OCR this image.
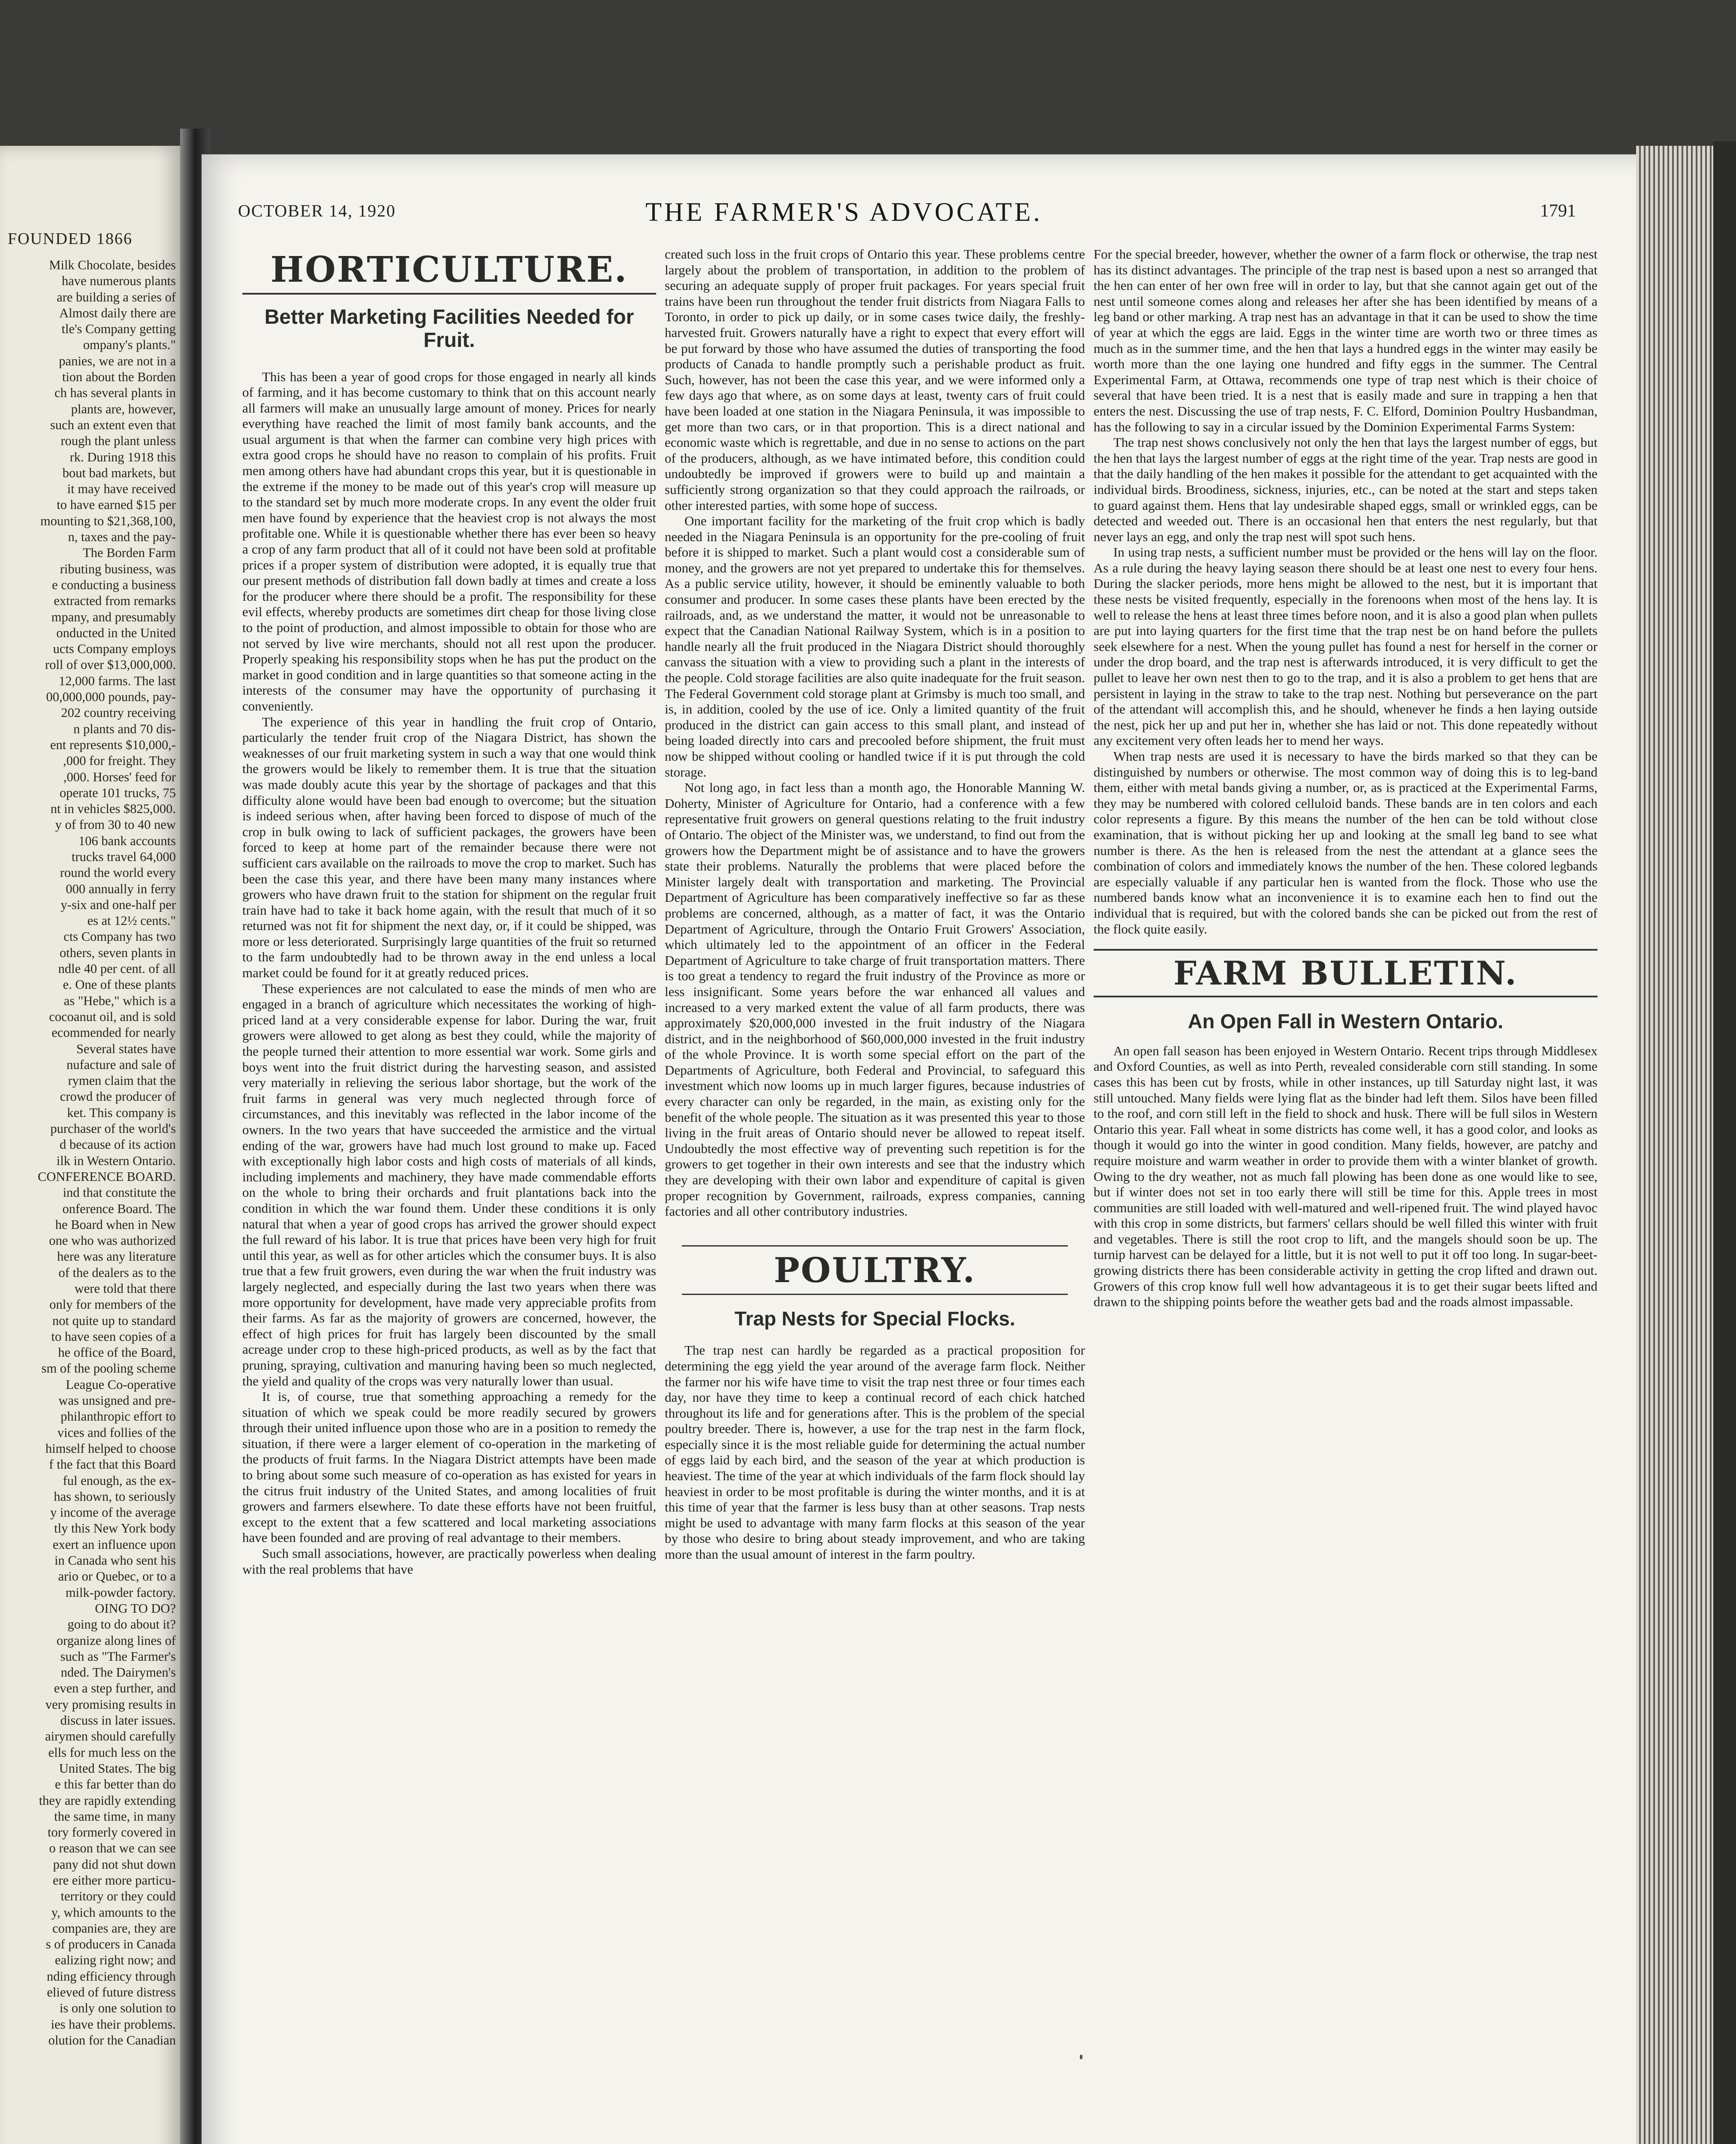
FOUNDED 1866

Milk Chocolate, besides

have numerous plants

are building a series of

Almost daily there are

tle's Company getting

ompany's plants."

panies, we are not in a

tion about the Borden

ch has several plants in

plants are, however,

such an extent even that

rough the plant unless

rk. During 1918 this

bout bad markets, but

it may have received

to have earned $15 per

mounting to $21,368,100,

n, taxes and the pay-

The Borden Farm

ributing business, was

e conducting a business

extracted from remarks

mpany, and presumably

onducted in the United

ucts Company employs

roll of over $13,000,000.

12,000 farms. The last

00,000,000 pounds, pay-

202 country receiving

n plants and 70 dis-

ent represents $10,000,-

,000 for freight. They

,000. Horses' feed for

operate 101 trucks, 75

nt in vehicles $825,000.

y of from 30 to 40 new

106 bank accounts

trucks travel 64,000

round the world every

000 annually in ferry

y-six and one-half per

es at 12½ cents."

cts Company has two

others, seven plants in

ndle 40 per cent. of all

e. One of these plants

as "Hebe," which is a

cocoanut oil, and is sold

ecommended for nearly

Several states have

nufacture and sale of

rymen claim that the

crowd the producer of

ket. This company is

purchaser of the world's

d because of its action

ilk in Western Ontario.

CONFERENCE BOARD.

ind that constitute the

onference Board. The

he Board when in New

one who was authorized

here was any literature

of the dealers as to the

were told that there

only for members of the

not quite up to standard

to have seen copies of a

he office of the Board,

sm of the pooling scheme

League Co-operative

was unsigned and pre-

philanthropic effort to

vices and follies of the

himself helped to choose

f the fact that this Board

ful enough, as the ex-

has shown, to seriously

y income of the average

tly this New York body

exert an influence upon

in Canada who sent his

ario or Quebec, or to a

milk-powder factory.

OING TO DO?

going to do about it?

organize along lines of

such as "The Farmer's

nded. The Dairymen's

even a step further, and

very promising results in

discuss in later issues.

airymen should carefully

ells for much less on the

United States. The big

e this far better than do

they are rapidly extending

the same time, in many

tory formerly covered in

o reason that we can see

pany did not shut down

ere either more particu-

territory or they could

y, which amounts to the

companies are, they are

s of producers in Canada

ealizing right now; and

nding efficiency through

elieved of future distress

is only one solution to

ies have their problems.

olution for the Canadian

OCTOBER 14, 1920	THE FARMER'S ADVOCATE.	1791
HORTICULTURE.
Better Marketing Facilities Needed for Fruit.

This has been a year of good crops for those engaged in nearly all kinds of farming, and it has become customary to think that on this account nearly all farmers will make an unusually large amount of money. Prices for nearly everything have reached the limit of most family bank accounts, and the usual argument is that when the farmer can combine very high prices with extra good crops he should have no reason to complain of his profits. Fruit men among others have had abundant crops this year, but it is questionable in the extreme if the money to be made out of this year's crop will measure up to the standard set by much more moderate crops. In any event the older fruit men have found by experience that the heaviest crop is not always the most profitable one. While it is questionable whether there has ever been so heavy a crop of any farm product that all of it could not have been sold at profitable prices if a proper system of distribution were adopted, it is equally true that our present methods of distribution fall down badly at times and create a loss for the producer where there should be a profit. The responsibility for these evil effects, whereby products are sometimes dirt cheap for those living close to the point of production, and almost impossible to obtain for those who are not served by live wire merchants, should not all rest upon the producer. Properly speaking his responsibility stops when he has put the product on the market in good condition and in large quantities so that someone acting in the interests of the consumer may have the opportunity of purchasing it conveniently.

The experience of this year in handling the fruit crop of Ontario, particularly the tender fruit crop of the Niagara District, has shown the weaknesses of our fruit marketing system in such a way that one would think the growers would be likely to remember them. It is true that the situation was made doubly acute this year by the shortage of packages and that this difficulty alone would have been bad enough to overcome; but the situation is indeed serious when, after having been forced to dispose of much of the crop in bulk owing to lack of sufficient packages, the growers have been forced to keep at home part of the remainder because there were not sufficient cars available on the railroads to move the crop to market. Such has been the case this year, and there have been many many instances where growers who have drawn fruit to the station for shipment on the regular fruit train have had to take it back home again, with the result that much of it so returned was not fit for shipment the next day, or, if it could be shipped, was more or less deteriorated. Surprisingly large quantities of the fruit so returned to the farm undoubtedly had to be thrown away in the end unless a local market could be found for it at greatly reduced prices.

These experiences are not calculated to ease the minds of men who are engaged in a branch of agriculture which necessitates the working of high-priced land at a very considerable expense for labor. During the war, fruit growers were allowed to get along as best they could, while the majority of the people turned their attention to more essential war work. Some girls and boys went into the fruit district during the harvesting season, and assisted very materially in relieving the serious labor shortage, but the work of the fruit farms in general was very much neglected through force of circumstances, and this inevitably was reflected in the labor income of the owners. In the two years that have succeeded the armistice and the virtual ending of the war, growers have had much lost ground to make up. Faced with exceptionally high labor costs and high costs of materials of all kinds, including implements and machinery, they have made commendable efforts on the whole to bring their orchards and fruit plantations back into the condition in which the war found them. Under these conditions it is only natural that when a year of good crops has arrived the grower should expect the full reward of his labor. It is true that prices have been very high for fruit until this year, as well as for other articles which the consumer buys. It is also true that a few fruit growers, even during the war when the fruit industry was largely neglected, and especially during the last two years when there was more opportunity for development, have made very appreciable profits from their farms. As far as the majority of growers are concerned, however, the effect of high prices for fruit has largely been discounted by the small acreage under crop to these high-priced products, as well as by the fact that pruning, spraying, cultivation and manuring having been so much neglected, the yield and quality of the crops was very naturally lower than usual.

It is, of course, true that something approaching a remedy for the situation of which we speak could be more readily secured by growers through their united influence upon those who are in a position to remedy the situation, if there were a larger element of co-operation in the marketing of the products of fruit farms. In the Niagara District attempts have been made to bring about some such measure of co-operation as has existed for years in the citrus fruit industry of the United States, and among localities of fruit growers and farmers elsewhere. To date these efforts have not been fruitful, except to the extent that a few scattered and local marketing associations have been founded and are proving of real advantage to their members.

Such small associations, however, are practically powerless when dealing with the real problems that have

created such loss in the fruit crops of Ontario this year. These problems centre largely about the problem of transportation, in addition to the problem of securing an adequate supply of proper fruit packages. For years special fruit trains have been run throughout the tender fruit districts from Niagara Falls to Toronto, in order to pick up daily, or in some cases twice daily, the freshly-harvested fruit. Growers naturally have a right to expect that every effort will be put forward by those who have assumed the duties of transporting the food products of Canada to handle promptly such a perishable product as fruit. Such, however, has not been the case this year, and we were informed only a few days ago that where, as on some days at least, twenty cars of fruit could have been loaded at one station in the Niagara Peninsula, it was impossible to get more than two cars, or in that proportion. This is a direct national and economic waste which is regrettable, and due in no sense to actions on the part of the producers, although, as we have intimated before, this condition could undoubtedly be improved if growers were to build up and maintain a sufficiently strong organization so that they could approach the railroads, or other interested parties, with some hope of success.

One important facility for the marketing of the fruit crop which is badly needed in the Niagara Peninsula is an opportunity for the pre-cooling of fruit before it is shipped to market. Such a plant would cost a considerable sum of money, and the growers are not yet prepared to undertake this for themselves. As a public service utility, however, it should be eminently valuable to both consumer and producer. In some cases these plants have been erected by the railroads, and, as we understand the matter, it would not be unreasonable to expect that the Canadian National Railway System, which is in a position to handle nearly all the fruit produced in the Niagara District should thoroughly canvass the situation with a view to providing such a plant in the interests of the people. Cold storage facilities are also quite inadequate for the fruit season. The Federal Government cold storage plant at Grimsby is much too small, and is, in addition, cooled by the use of ice. Only a limited quantity of the fruit produced in the district can gain access to this small plant, and instead of being loaded directly into cars and precooled before shipment, the fruit must now be shipped without cooling or handled twice if it is put through the cold storage.

Not long ago, in fact less than a month ago, the Honorable Manning W. Doherty, Minister of Agriculture for Ontario, had a conference with a few representative fruit growers on general questions relating to the fruit industry of Ontario. The object of the Minister was, we understand, to find out from the growers how the Department might be of assistance and to have the growers state their problems. Naturally the problems that were placed before the Minister largely dealt with transportation and marketing. The Provincial Department of Agriculture has been comparatively ineffective so far as these problems are concerned, although, as a matter of fact, it was the Ontario Department of Agriculture, through the Ontario Fruit Growers' Association, which ultimately led to the appointment of an officer in the Federal Department of Agriculture to take charge of fruit transportation matters. There is too great a tendency to regard the fruit industry of the Province as more or less insignificant. Some years before the war enhanced all values and increased to a very marked extent the value of all farm products, there was approximately $20,000,000 invested in the fruit industry of the Niagara district, and in the neighborhood of $60,000,000 invested in the fruit industry of the whole Province. It is worth some special effort on the part of the Departments of Agriculture, both Federal and Provincial, to safeguard this investment which now looms up in much larger figures, because industries of every character can only be regarded, in the main, as existing only for the benefit of the whole people. The situation as it was presented this year to those living in the fruit areas of Ontario should never be allowed to repeat itself. Undoubtedly the most effective way of preventing such repetition is for the growers to get together in their own interests and see that the industry which they are developing with their own labor and expenditure of capital is given proper recognition by Government, railroads, express companies, canning factories and all other contributory industries.

POULTRY.
Trap Nests for Special Flocks.

The trap nest can hardly be regarded as a practical proposition for determining the egg yield the year around of the average farm flock. Neither the farmer nor his wife have time to visit the trap nest three or four times each day, nor have they time to keep a continual record of each chick hatched throughout its life and for generations after. This is the problem of the special poultry breeder. There is, however, a use for the trap nest in the farm flock, especially since it is the most reliable guide for determining the actual number of eggs laid by each bird, and the season of the year at which production is heaviest. The time of the year at which individuals of the farm flock should lay heaviest in order to be most profitable is during the winter months, and it is at this time of year that the farmer is less busy than at other seasons. Trap nests might be used to advantage with many farm flocks at this season of the year by those who desire to bring about steady improvement, and who are taking more than the usual amount of interest in the farm poultry.

For the special breeder, however, whether the owner of a farm flock or otherwise, the trap nest has its distinct advantages. The principle of the trap nest is based upon a nest so arranged that the hen can enter of her own free will in order to lay, but that she cannot again get out of the nest until someone comes along and releases her after she has been identified by means of a leg band or other marking. A trap nest has an advantage in that it can be used to show the time of year at which the eggs are laid. Eggs in the winter time are worth two or three times as much as in the summer time, and the hen that lays a hundred eggs in the winter may easily be worth more than the one laying one hundred and fifty eggs in the summer. The Central Experimental Farm, at Ottawa, recommends one type of trap nest which is their choice of several that have been tried. It is a nest that is easily made and sure in trapping a hen that enters the nest. Discussing the use of trap nests, F. C. Elford, Dominion Poultry Husbandman, has the following to say in a circular issued by the Dominion Experimental Farms System:

The trap nest shows conclusively not only the hen that lays the largest number of eggs, but the hen that lays the largest number of eggs at the right time of the year. Trap nests are good in that the daily handling of the hen makes it possible for the attendant to get acquainted with the individual birds. Broodiness, sickness, injuries, etc., can be noted at the start and steps taken to guard against them. Hens that lay undesirable shaped eggs, small or wrinkled eggs, can be detected and weeded out. There is an occasional hen that enters the nest regularly, but that never lays an egg, and only the trap nest will spot such hens.

In using trap nests, a sufficient number must be provided or the hens will lay on the floor. As a rule during the heavy laying season there should be at least one nest to every four hens. During the slacker periods, more hens might be allowed to the nest, but it is important that these nests be visited frequently, especially in the forenoons when most of the hens lay. It is well to release the hens at least three times before noon, and it is also a good plan when pullets are put into laying quarters for the first time that the trap nest be on hand before the pullets seek elsewhere for a nest. When the young pullet has found a nest for herself in the corner or under the drop board, and the trap nest is afterwards introduced, it is very difficult to get the pullet to leave her own nest then to go to the trap, and it is also a problem to get hens that are persistent in laying in the straw to take to the trap nest. Nothing but perseverance on the part of the attendant will accomplish this, and he should, whenever he finds a hen laying outside the nest, pick her up and put her in, whether she has laid or not. This done repeatedly without any excitement very often leads her to mend her ways.

When trap nests are used it is necessary to have the birds marked so that they can be distinguished by numbers or otherwise. The most common way of doing this is to leg-band them, either with metal bands giving a number, or, as is practiced at the Experimental Farms, they may be numbered with colored celluloid bands. These bands are in ten colors and each color represents a figure. By this means the number of the hen can be told without close examination, that is without picking her up and looking at the small leg band to see what number is there. As the hen is released from the nest the attendant at a glance sees the combination of colors and immediately knows the number of the hen. These colored legbands are especially valuable if any particular hen is wanted from the flock. Those who use the numbered bands know what an inconvenience it is to examine each hen to find out the individual that is required, but with the colored bands she can be picked out from the rest of the flock quite easily.

FARM BULLETIN.
An Open Fall in Western Ontario.

An open fall season has been enjoyed in Western Ontario. Recent trips through Middlesex and Oxford Counties, as well as into Perth, revealed considerable corn still standing. In some cases this has been cut by frosts, while in other instances, up till Saturday night last, it was still untouched. Many fields were lying flat as the binder had left them. Silos have been filled to the roof, and corn still left in the field to shock and husk. There will be full silos in Western Ontario this year. Fall wheat in some districts has come well, it has a good color, and looks as though it would go into the winter in good condition. Many fields, however, are patchy and require moisture and warm weather in order to provide them with a winter blanket of growth. Owing to the dry weather, not as much fall plowing has been done as one would like to see, but if winter does not set in too early there will still be time for this. Apple trees in most communities are still loaded with well-matured and well-ripened fruit. The wind played havoc with this crop in some districts, but farmers' cellars should be well filled this winter with fruit and vegetables. There is still the root crop to lift, and the mangels should soon be up. The turnip harvest can be delayed for a little, but it is not well to put it off too long. In sugar-beet-growing districts there has been considerable activity in getting the crop lifted and drawn out. Growers of this crop know full well how advantageous it is to get their sugar beets lifted and drawn to the shipping points before the weather gets bad and the roads almost impassable.
